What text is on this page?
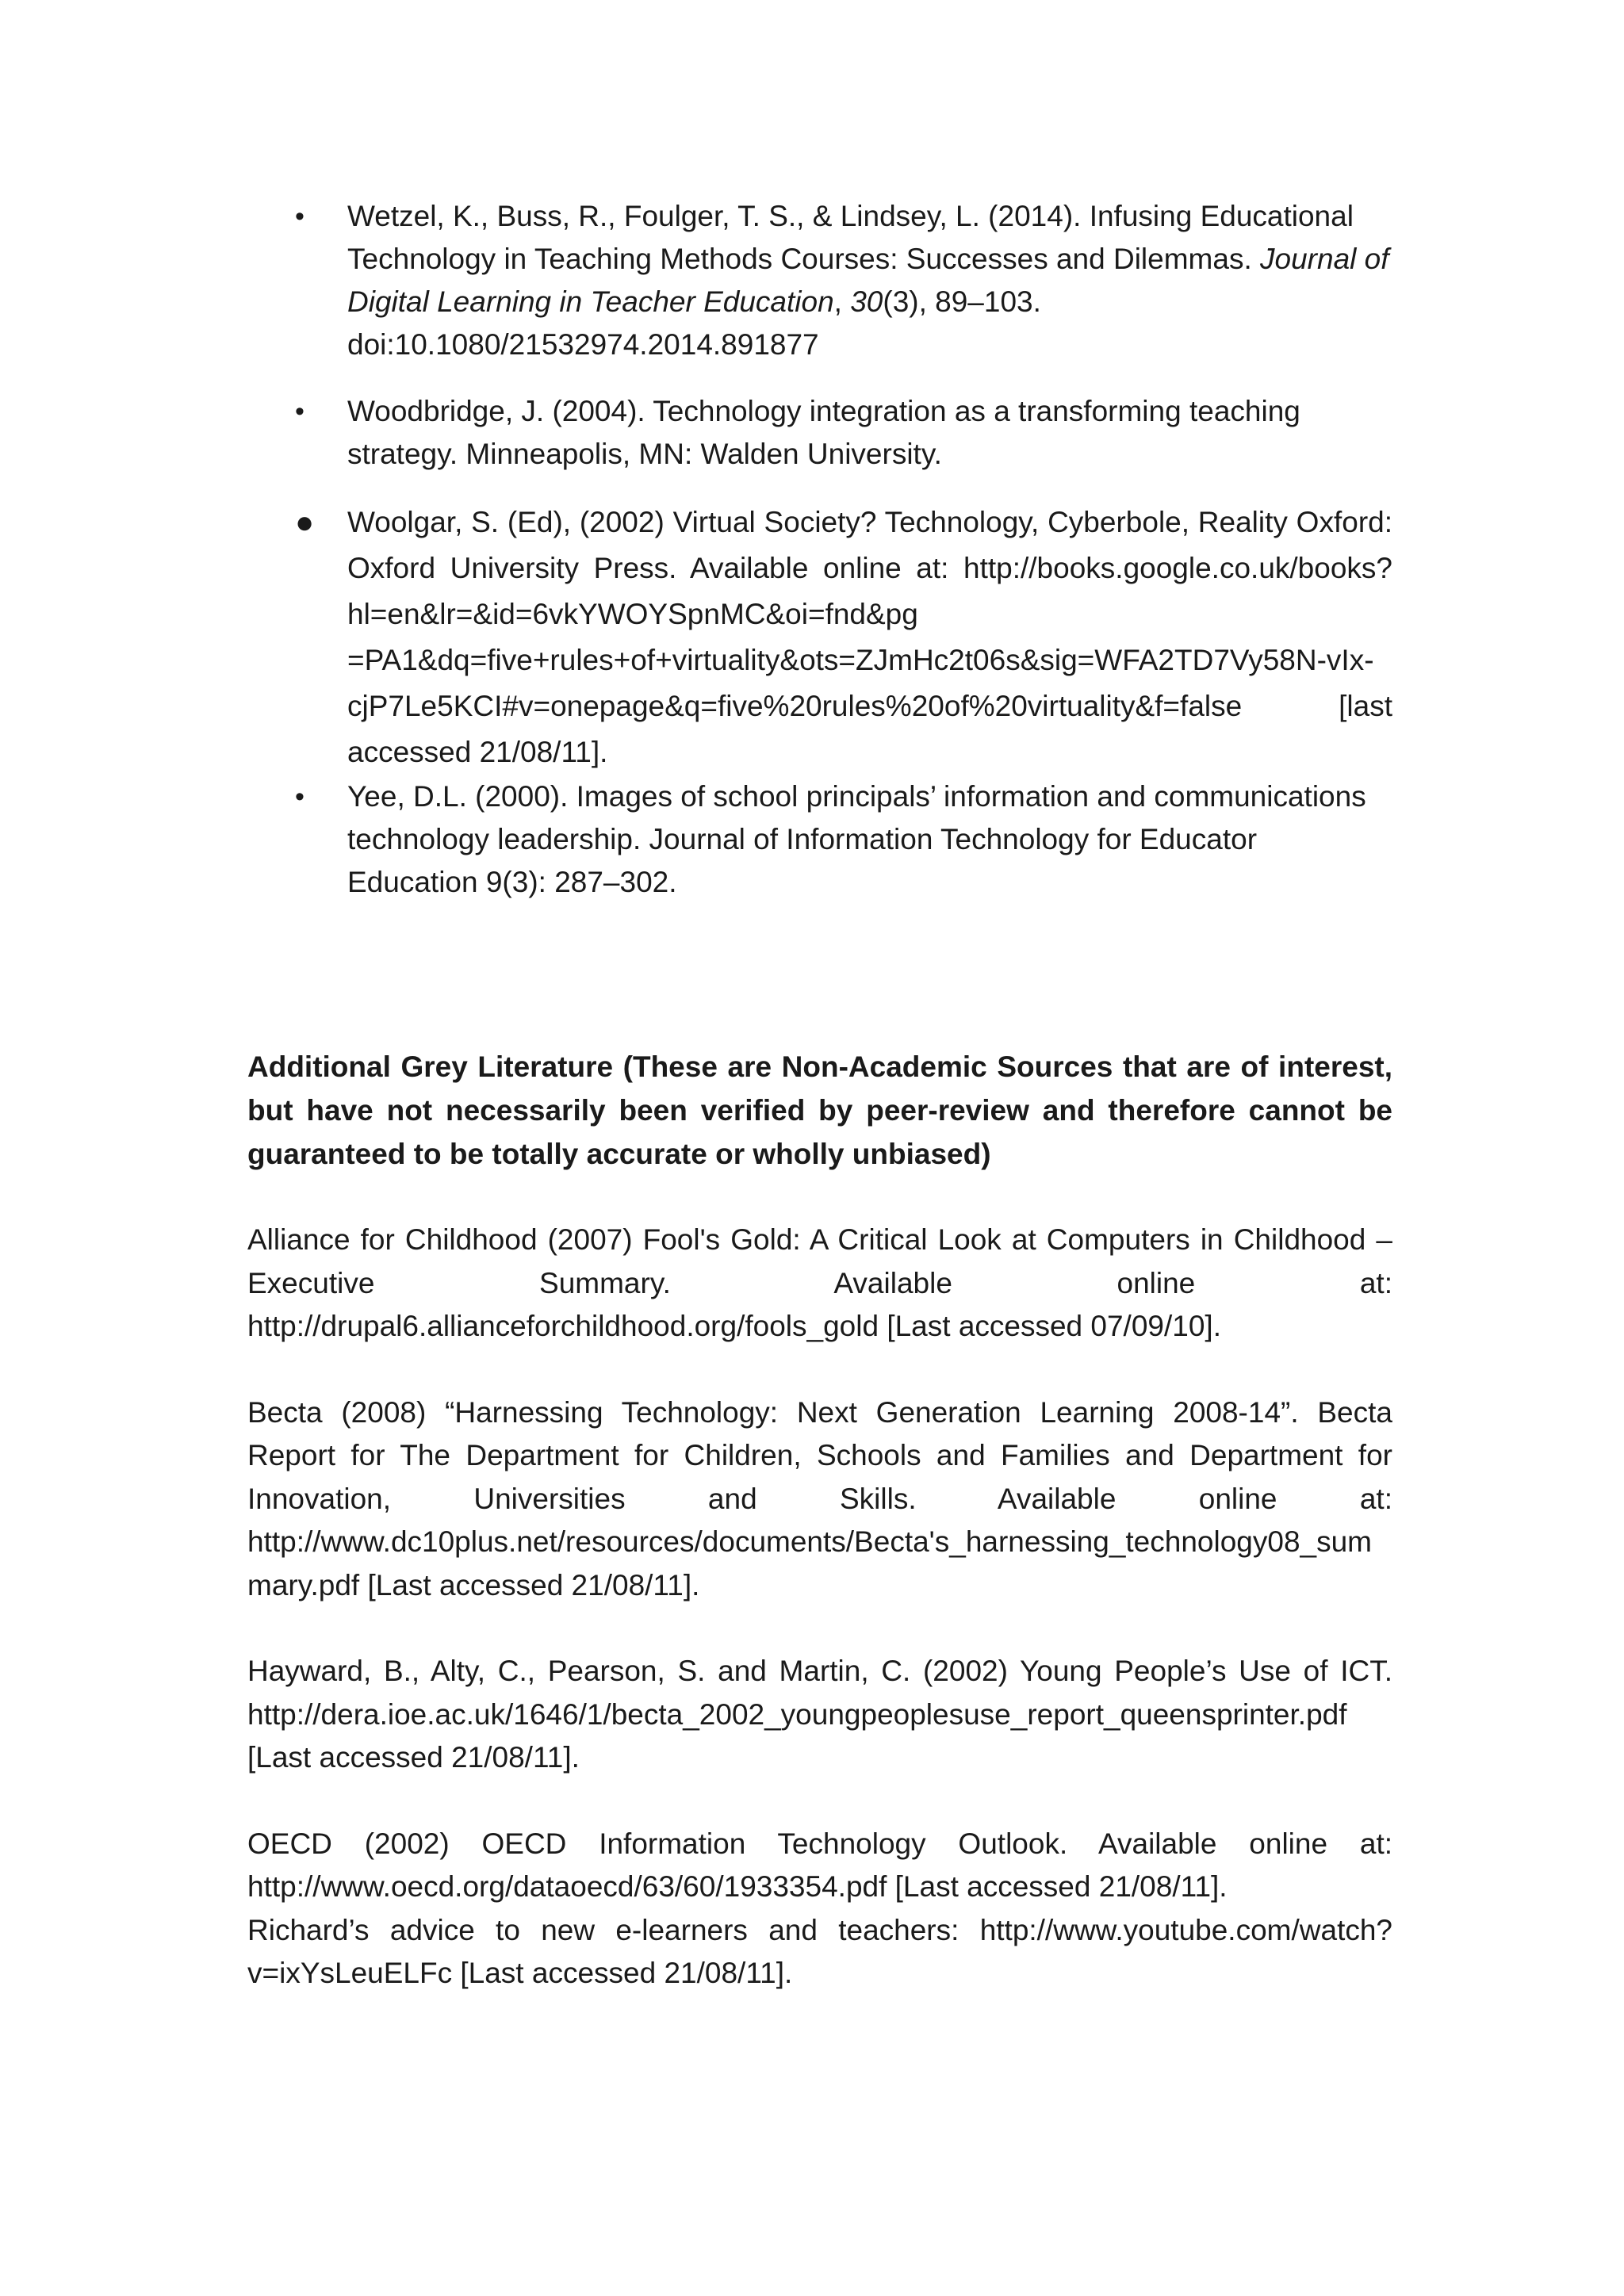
•	Wetzel, K., Buss, R., Foulger, T. S., & Lindsey, L. (2014). Infusing Educational Technology in Teaching Methods Courses: Successes and Dilemmas. Journal of Digital Learning in Teacher Education, 30(3), 89–103. doi:10.1080/21532974.2014.891877
•	Woodbridge, J. (2004). Technology integration as a transforming teaching strategy. Minneapolis, MN: Walden University.
● Woolgar, S. (Ed), (2002) Virtual Society? Technology, Cyberbole, Reality Oxford: Oxford University Press. Available online at: http://books.google.co.uk/books?hl=en&lr=&id=6vkYWOYSpnMC&oi=fnd&pg =PA1&dq=five+rules+of+virtuality&ots=ZJmHc2t06s&sig=WFA2TD7Vy58N-vIx-cjP7Le5KCI#v=onepage&q=five%20rules%20of%20virtuality&f=false [last accessed 21/08/11].
•	Yee, D.L. (2000). Images of school principals’ information and communications technology leadership. Journal of Information Technology for Educator Education 9(3): 287–302.
Additional Grey Literature (These are Non-Academic Sources that are of interest, but have not necessarily been verified by peer-review and therefore cannot be guaranteed to be totally accurate or wholly unbiased)

Alliance for Childhood (2007) Fool's Gold: A Critical Look at Computers in Childhood – Executive Summary. Available online at: http://drupal6.allianceforchildhood.org/fools_gold [Last accessed 07/09/10].

Becta (2008) “Harnessing Technology: Next Generation Learning 2008-14”. Becta Report for The Department for Children, Schools and Families and Department for Innovation, Universities and Skills. Available online at: http://www.dc10plus.net/resources/documents/Becta's_harnessing_technology08_summary.pdf [Last accessed 21/08/11].

Hayward, B., Alty, C., Pearson, S. and Martin, C. (2002) Young People’s Use of ICT. http://dera.ioe.ac.uk/1646/1/becta_2002_youngpeoplesuse_report_queensprinter.pdf [Last accessed 21/08/11].

OECD (2002) OECD Information Technology Outlook. Available online at: http://www.oecd.org/dataoecd/63/60/1933354.pdf [Last accessed 21/08/11].

Richard’s advice to new e-learners and teachers: http://www.youtube.com/watch?v=ixYsLeuELFc [Last accessed 21/08/11].
